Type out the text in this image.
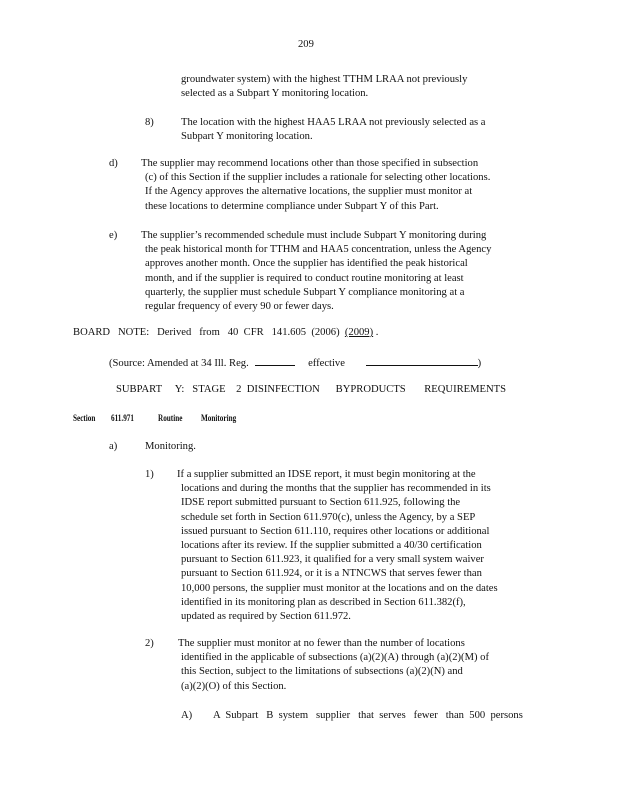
209
groundwater system) with the highest TTHM LRAA not previously
selected as a Subpart Y monitoring location.
8)	The location with the highest HAA5 LRAA not previously selected as a
Subpart Y monitoring location.
d) The supplier may recommend locations other than those specified in subsection
(c) of this Section if the supplier includes a rationale for selecting other locations.
If the Agency approves the alternative locations, the supplier must monitor at
these locations to determine compliance under Subpart Y of this Part.
e) The supplier’s recommended schedule must include Subpart Y monitoring during
the peak historical month for TTHM and HAA5 concentration, unless the Agency
approves another month. Once the supplier has identified the peak historical
month, and if the supplier is required to conduct routine monitoring at least
quarterly, the supplier must schedule Subpart Y compliance monitoring at a
regular frequency of every 90 or fewer days.
BOARD   NOTE:   Derived   from   40  CFR   141.605  (2006)  (2009) .
(Source: Amended at 34 Ill. Reg.	effective	)
SUBPART     Y:   STAGE    2  DISINFECTION      BYPRODUCTS       REQUIREMENTS
Section 611.971	Routine Monitoring
a)	Monitoring.
1) If a supplier submitted an IDSE report, it must begin monitoring at the
locations and during the months that the supplier has recommended in its
IDSE report submitted pursuant to Section 611.925, following the
schedule set forth in Section 611.970(c), unless the Agency, by a SEP
issued pursuant to Section 611.110, requires other locations or additional
locations after its review. If the supplier submitted a 40/30 certification
pursuant to Section 611.923, it qualified for a very small system waiver
pursuant to Section 611.924, or it is a NTNCWS that serves fewer than
10,000 persons, the supplier must monitor at the locations and on the dates
identified in its monitoring plan as described in Section 611.382(f),
updated as required by Section 611.972.
2) The supplier must monitor at no fewer than the number of locations
identified in the applicable of subsections (a)(2)(A) through (a)(2)(M) of
this Section, subject to the limitations of subsections (a)(2)(N) and
(a)(2)(O) of this Section.
A) A  Subpart   B  system   supplier   that  serves   fewer   than  500  persons
